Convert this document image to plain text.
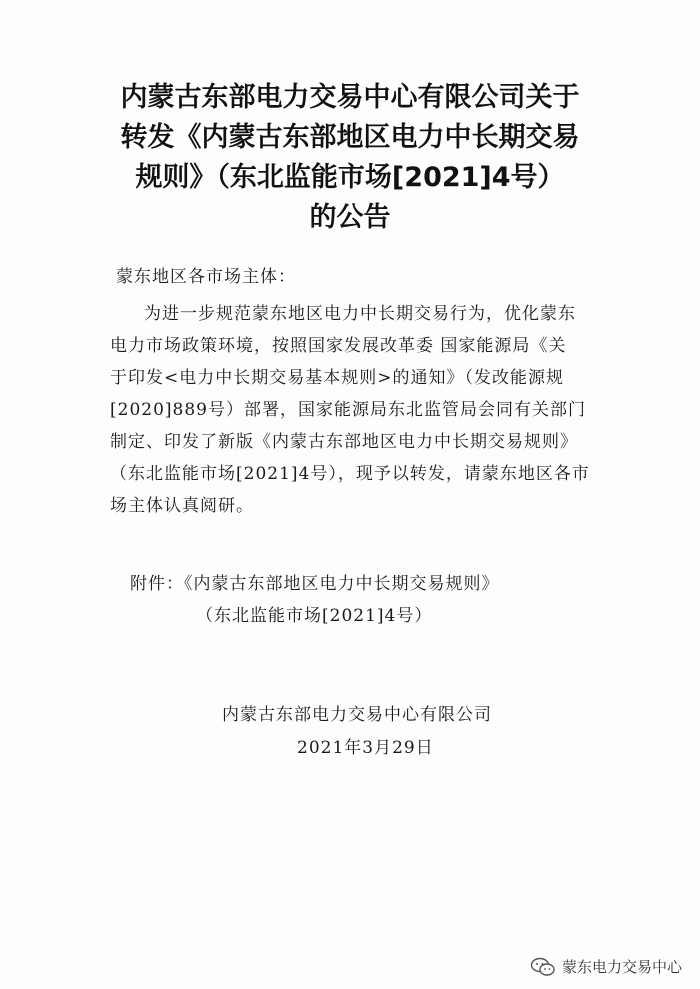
内蒙古东部电力交易中心有限公司关于
转发《内蒙古东部地区电力中长期交易
规则》（东北监能市场[2021]4号）
的公告
蒙东地区各市场主体：
为进一步规范蒙东地区电力中长期交易行为，优化蒙东
电力市场政策环境，按照国家发展改革委 国家能源局《关
于印发<电力中长期交易基本规则>的通知》（发改能源规
[2020]889号）部署，国家能源局东北监管局会同有关部门
制定、印发了新版《内蒙古东部地区电力中长期交易规则》
（东北监能市场[2021]4号），现予以转发，请蒙东地区各市
场主体认真阅研。
附件：《内蒙古东部地区电力中长期交易规则》
（东北监能市场[2021]4号）
内蒙古东部电力交易中心有限公司
2021年3月29日
蒙东电力交易中心
